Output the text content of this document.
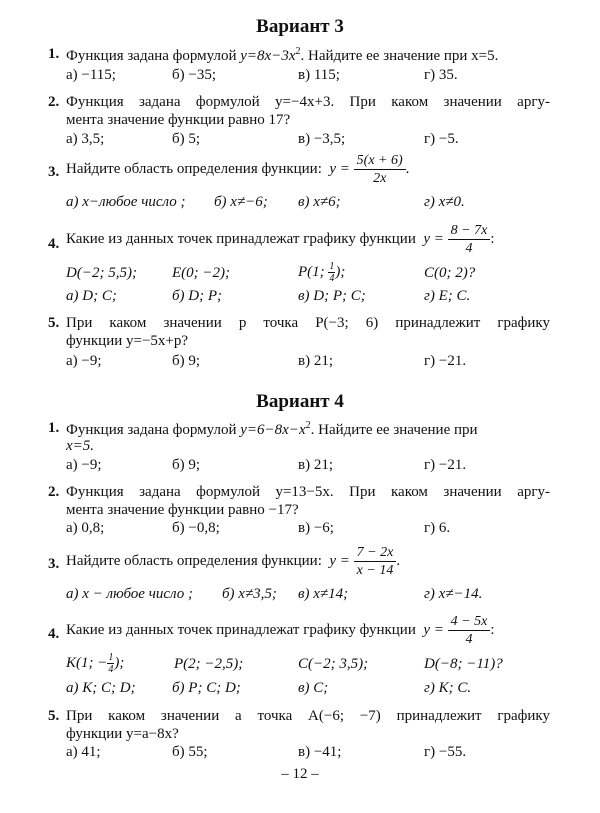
Вариант 3
1. Функция задана формулой $y=8x-3x^2$. Найдите ее значение при x=5.
а) −115;	б) −35;	в) 115;	г) 35.
2. Функция задана формулой y=−4x+3. При каком значении аргу-
мента значение функции равно 17?
а) 3,5;	б) 5;	в) −3,5;	г) −5.
3. Найдите область определения функции: $y = \frac{5(x + 6)}{2x}$ .
а) x−любое число ; б) x≠−6; в) x≠6;	г) x≠0.
4. Какие из данных точек принадлежат графику функции $y = \frac{8 - 7x}{4}$ :
D(−2; 5,5); E(0; −2);	P(1; $\frac{1}{4}$ );	C(0; 2)?
а) D; C;	б) D; P;	в) D; P; C;	г) E; C.
5. При каком значении p точка P(−3; 6) принадлежит графику
функции y=−5x+p?
а) −9;	б) 9;	в) 21;	г) −21.
Вариант 4
1. Функция задана формулой $y=6-8x-x^2$. Найдите ее значение при
x=5.
а) −9;	б) 9;	в) 21;	г) −21.
2. Функция задана формулой y=13−5x. При каком значении аргу-
мента значение функции равно −17?
а) 0,8;	б) −0,8;	в) −6;	г) 6.
3. Найдите область определения функции: $y = \frac{7 - 2x}{x - 14}$ .
а) x − любое число ; б) x≠3,5; в) x≠14;	г) x≠−14.
4. Какие из данных точек принадлежат графику функции $y = \frac{4 - 5x}{4}$ :
K(1; − $\frac{1}{4}$ );	P(2; −2,5);	C(−2; 3,5);	D(−8; −11)?
а) K; C; D; б) P; C; D;	в) C;	г) K; C.
5. При каком значении a точка A(−6; −7) принадлежит графику
функции y=a−8x?
а) 41;	б) 55;	в) −41;	г) −55.
– 12 –
